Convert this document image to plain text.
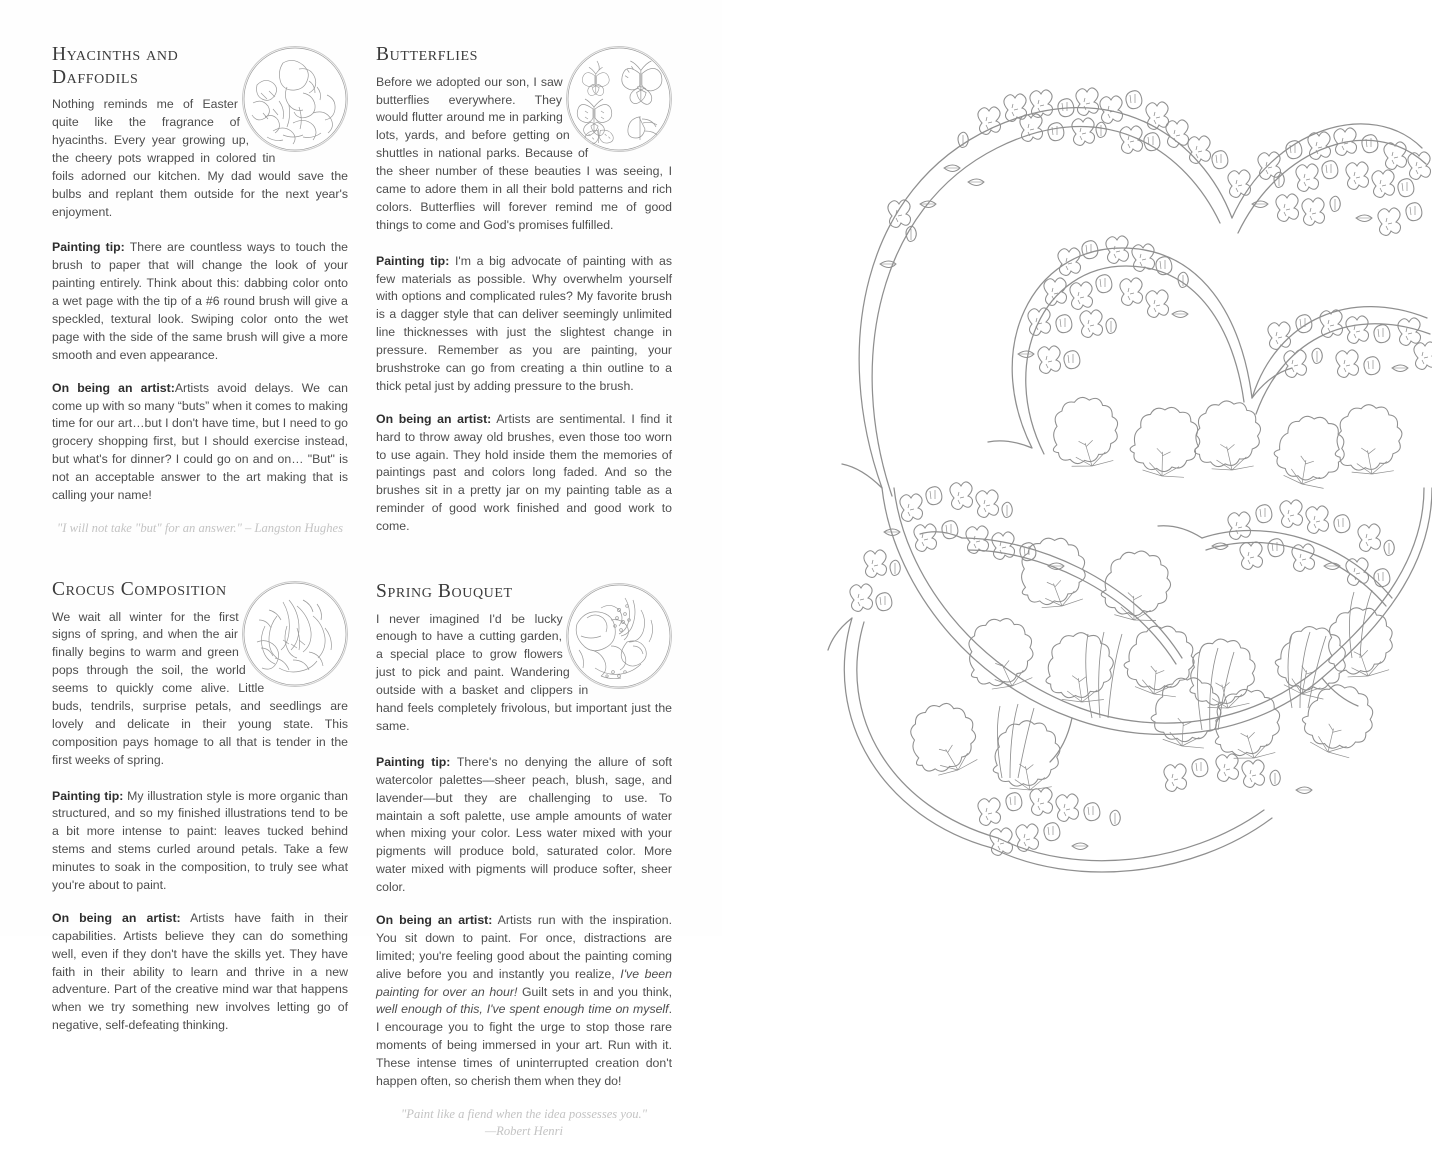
Hyacinths and Daffodils

Nothing reminds me of Easter quite like the fragrance of hyacinths. Every year growing up, the cheery pots wrapped in colored tin foils adorned our kitchen. My dad would save the bulbs and replant them outside for the next year's enjoyment.

Painting tip: There are countless ways to touch the brush to paper that will change the look of your painting entirely. Think about this: dabbing color onto a wet page with the tip of a #6 round brush will give a speckled, textural look. Swiping color onto the wet page with the side of the same brush will give a more smooth and even appearance.

On being an artist:Artists avoid delays. We can come up with so many “buts” when it comes to making time for our art…but I don't have time, but I need to go grocery shopping first, but I should exercise instead, but what's for dinner? I could go on and on… "But" is not an acceptable answer to the art making that is calling your name!

"I will not take "but" for an answer." – Langston Hughes

Crocus Composition

We wait all winter for the first signs of spring, and when the air finally begins to warm and green pops through the soil, the world seems to quickly come alive. Little buds, tendrils, surprise petals, and seedlings are lovely and delicate in their young state. This composition pays homage to all that is tender in the first weeks of spring.

Painting tip: My illustration style is more organic than structured, and so my finished illustrations tend to be a bit more intense to paint: leaves tucked behind stems and stems curled around petals. Take a few minutes to soak in the composition, to truly see what you're about to paint.

On being an artist: Artists have faith in their capabilities. Artists believe they can do something well, even if they don't have the skills yet. They have faith in their ability to learn and thrive in a new adventure. Part of the creative mind war that happens when we try something new involves letting go of negative, self-defeating thinking.

Butterflies

Before we adopted our son, I saw butterflies everywhere. They would flutter around me in parking lots, yards, and before getting on shuttles in national parks. Because of the sheer number of these beauties I was seeing, I came to adore them in all their bold patterns and rich colors. Butterflies will forever remind me of good things to come and God's promises fulfilled.

Painting tip: I'm a big advocate of painting with as few materials as possible. Why overwhelm yourself with options and complicated rules? My favorite brush is a dagger style that can deliver seemingly unlimited line thicknesses with just the slightest change in pressure. Remember as you are painting, your brushstroke can go from creating a thin outline to a thick petal just by adding pressure to the brush.

On being an artist: Artists are sentimental. I find it hard to throw away old brushes, even those too worn to use again. They hold inside them the memories of paintings past and colors long faded. And so the brushes sit in a pretty jar on my painting table as a reminder of good work finished and good work to come.

Spring Bouquet

I never imagined I'd be lucky enough to have a cutting garden, a special place to grow flowers just to pick and paint. Wandering outside with a basket and clippers in hand feels completely frivolous, but important just the same.

Painting tip: There's no denying the allure of soft watercolor palettes—sheer peach, blush, sage, and lavender—but they are challenging to use. To maintain a soft palette, use ample amounts of water when mixing your color. Less water mixed with your pigments will produce bold, saturated color. More water mixed with pigments will produce softer, sheer color.

On being an artist: Artists run with the inspiration. You sit down to paint. For once, distractions are limited; you're feeling good about the painting coming alive before you and instantly you realize, I've been painting for over an hour! Guilt sets in and you think, well enough of this, I've spent enough time on myself. I encourage you to fight the urge to stop those rare moments of being immersed in your art. Run with it. These intense times of uninterrupted creation don't happen often, so cherish them when they do!

"Paint like a fiend when the idea possesses you."
—Robert Henri
